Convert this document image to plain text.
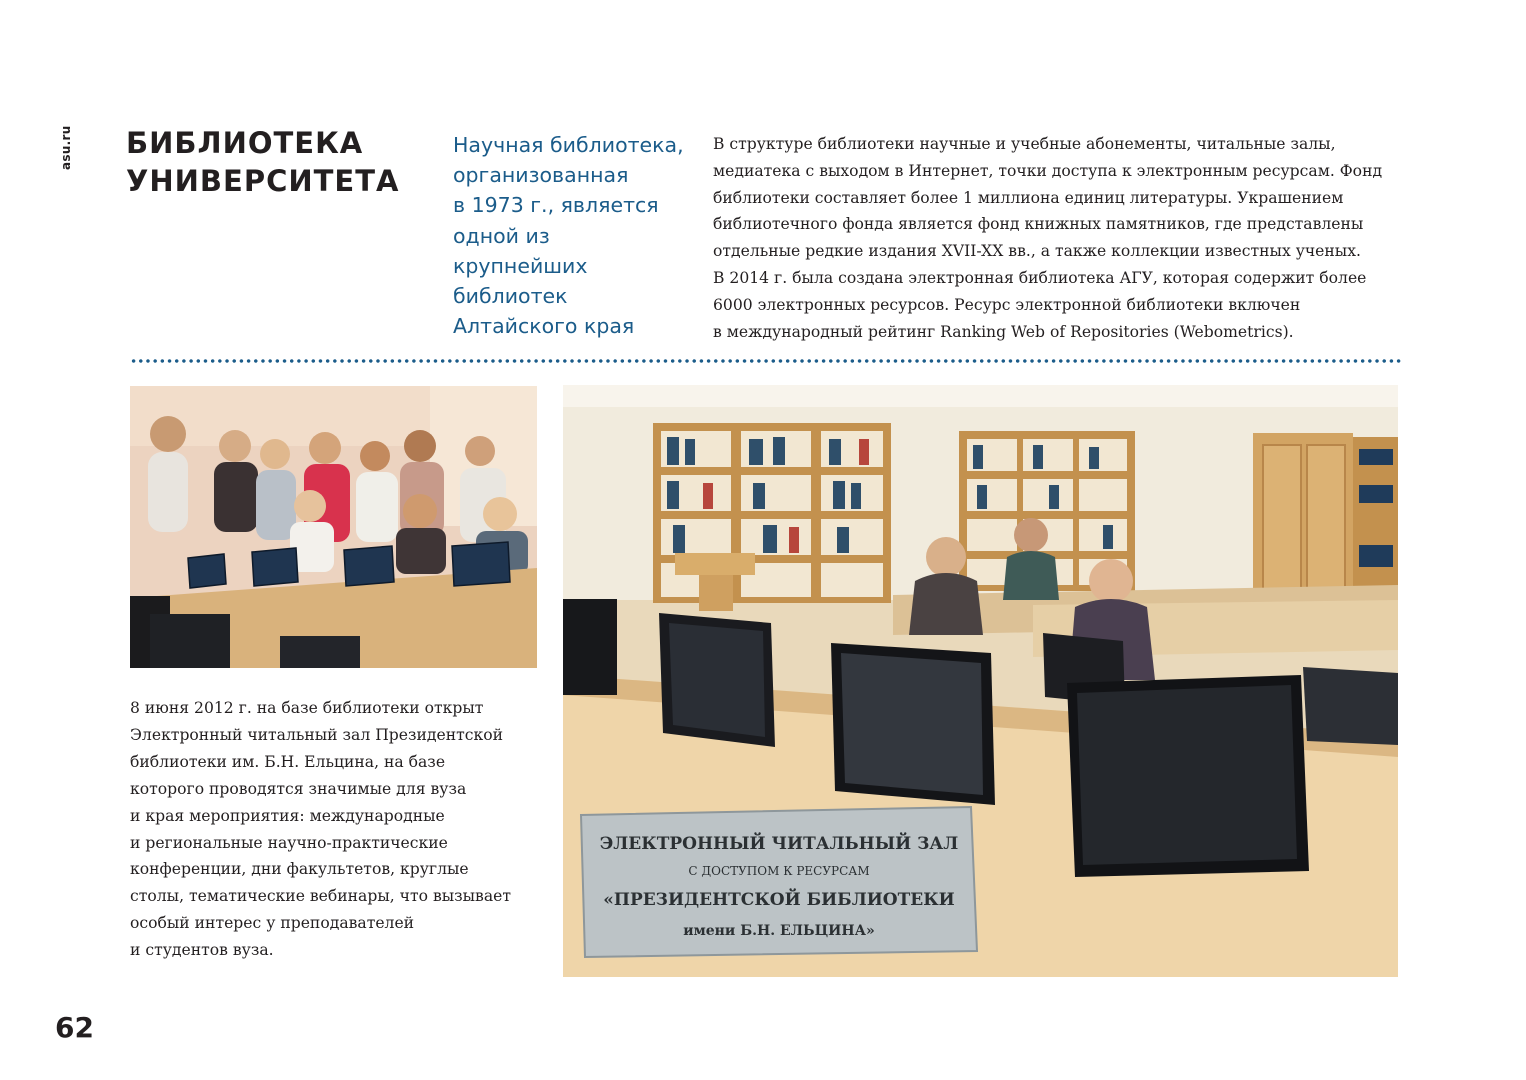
asu.ru БИБЛИОТЕКА
УНИВЕРСИТЕТА

Научная библиотека,
организованная
в 1973 г., является
одной из
крупнейших
библиотек
Алтайского края

В структуре библиотеки научные и учебные абонементы, читальные залы,
медиатека с выходом в Интернет, точки доступа к электронным ресурсам. Фонд
библиотеки составляет более 1 миллиона единиц литературы. Украшением
библиотечного фонда является фонд книжных памятников, где представлены
отдельные редкие издания XVII-XX вв., а также коллекции известных ученых.
В 2014 г. была создана электронная библиотека АГУ, которая содержит более
6000 электронных ресурсов. Ресурс электронной библиотеки включен
в международный рейтинг Ranking Web of Repositories (Webometrics).

ЭЛЕКТРОННЫЙ ЧИТАЛЬНЫЙ ЗАЛ
С ДОСТУПОМ К РЕСУРСАМ
«ПРЕЗИДЕНТСКОЙ БИБЛИОТЕКИ
имени Б.Н. ЕЛЬЦИНА»

8 июня 2012 г. на базе библиотеки открыт
Электронный читальный зал Президентской
библиотеки им. Б.Н. Ельцина, на базе
которого проводятся значимые для вуза
и края мероприятия: международные
и региональные научно-практические
конференции, дни факультетов, круглые
столы, тематические вебинары, что вызывает
особый интерес у преподавателей
и студентов вуза.

62
